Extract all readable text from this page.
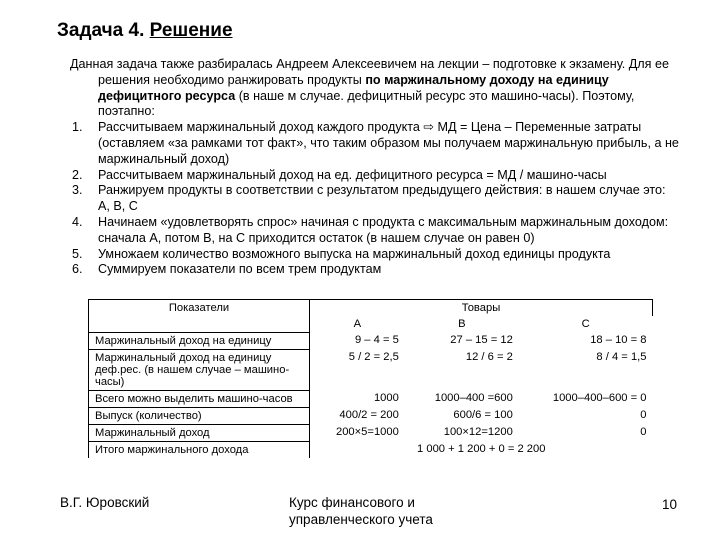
Задача 4. Решение

Данная задача также разбиралась Андреем Алексеевичем на лекции – подготовке к экзамену. Для ее решения необходимо ранжировать продукты по маржинальному доходу на единицу дефицитного ресурса (в наше м случае. дефицитный ресурс это машино-часы). Поэтому, поэтапно:

1. Рассчитываем маржинальный доход каждого продукта ⇨ МД = Цена – Переменные затраты (оставляем «за рамками тот факт», что таким образом мы получаем маржинальную прибыль, а не маржинальный доход)
2. Рассчитываем маржинальный доход на ед. дефицитного ресурса = МД / машино-часы
3. Ранжируем продукты в соответствии с результатом предыдущего действия: в нашем случае это: А, В, С
4. Начинаем «удовлетворять спрос» начиная с продукта с максимальным маржинальным доходом: сначала А, потом В, на С приходится остаток (в нашем случае он равен 0)
5. Умножаем количество возможного выпуска на маржинальный доход единицы продукта
6. Суммируем показатели по всем трем продуктам
Показатели	Товары		
	А	В	С
Маржинальный доход на единицу	9 – 4 = 5	27 – 15 = 12	18 – 10 = 8
Маржинальный доход на единицу деф.рес. (в нашем случае – машино-часы)	5 / 2 = 2,5	12 / 6 = 2	8 / 4 = 1,5
Всего можно выделить машино-часов	1000	1000–400 =600	1000–400–600 = 0
Выпуск (количество)	400/2 = 200	600/6 = 100	0
Маржинальный доход	200×5=1000	100×12=1200	0
Итого маржинального дохода	1 000 + 1 200 + 0 = 2 200		
В.Г. Юровский	Курс финансового и
управленческого учета
10
